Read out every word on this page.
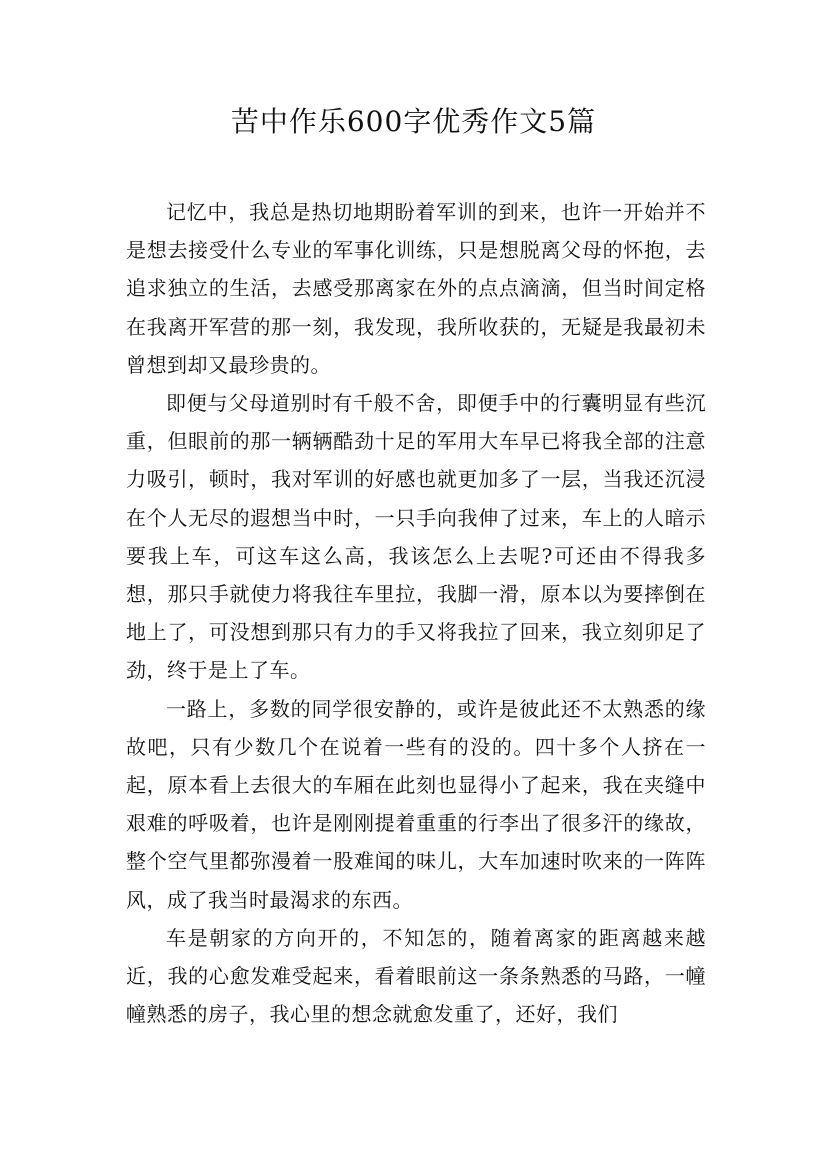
苦中作乐600字优秀作文5篇

记忆中，我总是热切地期盼着军训的到来，也许一开始并不是想去接受什么专业的军事化训练，只是想脱离父母的怀抱，去追求独立的生活，去感受那离家在外的点点滴滴，但当时间定格在我离开军营的那一刻，我发现，我所收获的，无疑是我最初未曾想到却又最珍贵的。

即便与父母道别时有千般不舍，即便手中的行囊明显有些沉重，但眼前的那一辆辆酷劲十足的军用大车早已将我全部的注意力吸引，顿时，我对军训的好感也就更加多了一层，当我还沉浸在个人无尽的遐想当中时，一只手向我伸了过来，车上的人暗示要我上车，可这车这么高，我该怎么上去呢?可还由不得我多想，那只手就使力将我往车里拉，我脚一滑，原本以为要摔倒在地上了，可没想到那只有力的手又将我拉了回来，我立刻卯足了劲，终于是上了车。

一路上，多数的同学很安静的，或许是彼此还不太熟悉的缘故吧，只有少数几个在说着一些有的没的。四十多个人挤在一起，原本看上去很大的车厢在此刻也显得小了起来，我在夹缝中艰难的呼吸着，也许是刚刚提着重重的行李出了很多汗的缘故，整个空气里都弥漫着一股难闻的味儿，大车加速时吹来的一阵阵风，成了我当时最渴求的东西。

车是朝家的方向开的，不知怎的，随着离家的距离越来越近，我的心愈发难受起来，看着眼前这一条条熟悉的马路，一幢幢熟悉的房子，我心里的想念就愈发重了，还好，我们
